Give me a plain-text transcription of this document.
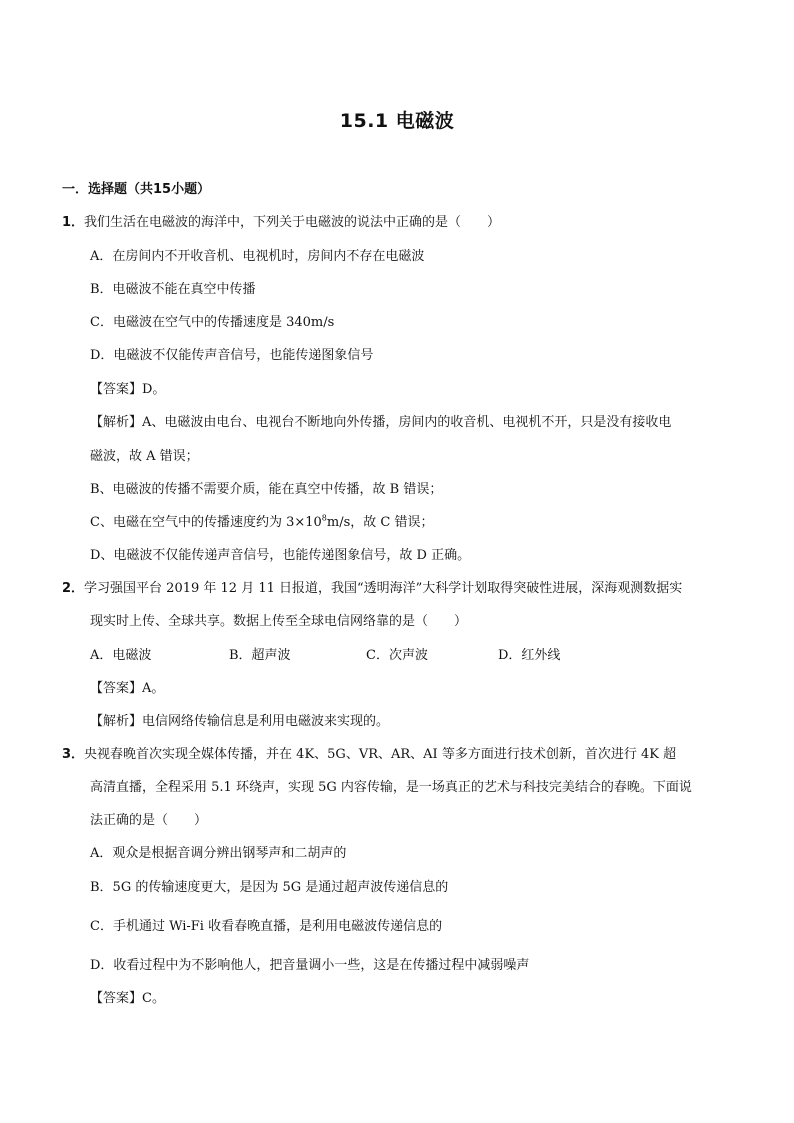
15.1 电磁波
一．选择题（共15小题）
1．我们生活在电磁波的海洋中，下列关于电磁波的说法中正确的是（　　）
A．在房间内不开收音机、电视机时，房间内不存在电磁波
B．电磁波不能在真空中传播
C．电磁波在空气中的传播速度是 340m/s
D．电磁波不仅能传声音信号，也能传递图象信号
【答案】D。
【解析】A、电磁波由电台、电视台不断地向外传播，房间内的收音机、电视机不开，只是没有接收电
磁波，故 A 错误；
B、电磁波的传播不需要介质，能在真空中传播，故 B 错误；
C、电磁在空气中的传播速度约为 $3\times 10^8m/s$，故 C 错误；
D、电磁波不仅能传递声音信号，也能传递图象信号，故 D 正确。
2．学习强国平台 2019 年 12 月 11 日报道，我国“透明海洋”大科学计划取得突破性进展，深海观测数据实
现实时上传、全球共享。数据上传至全球电信网络靠的是（　　）
A．电磁波	B．超声波	C．次声波	D．红外线
【答案】A。
【解析】电信网络传输信息是利用电磁波来实现的。
3．央视春晚首次实现全媒体传播，并在 4K、5G、VR、AR、AI 等多方面进行技术创新，首次进行 4K 超
高清直播，全程采用 5.1 环绕声，实现 5G 内容传输，是一场真正的艺术与科技完美结合的春晚。下面说
法正确的是（　　）
A．观众是根据音调分辨出钢琴声和二胡声的
B．5G 的传输速度更大，是因为 5G 是通过超声波传递信息的
C．手机通过 Wi-Fi 收看春晚直播，是利用电磁波传递信息的
D．收看过程中为不影响他人，把音量调小一些，这是在传播过程中减弱噪声
【答案】C。
